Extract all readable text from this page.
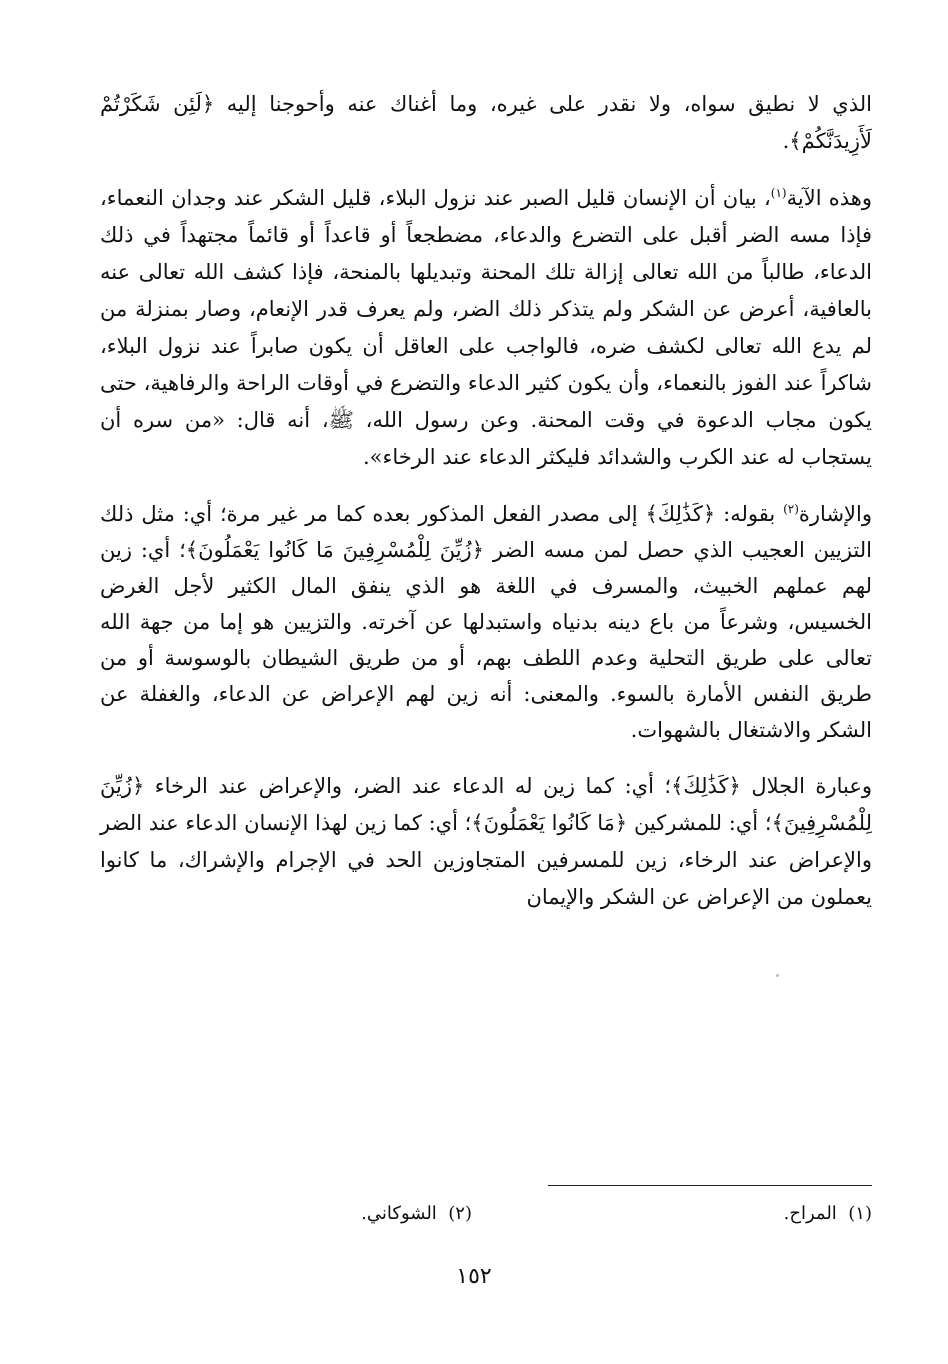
الذي لا نطيق سواه، ولا نقدر على غيره، وما أغناك عنه وأحوجنا إليه ﴿لَئِن شَكَرْتُمْ لَأَزِيدَنَّكُمْ﴾.

وهذه الآية$^{(١)}$، بيان أن الإنسان قليل الصبر عند نزول البلاء، قليل الشكر عند وجدان النعماء، فإذا مسه الضر أقبل على التضرع والدعاء، مضطجعاً أو قاعداً أو قائماً مجتهداً في ذلك الدعاء، طالباً من الله تعالى إزالة تلك المحنة وتبديلها بالمنحة، فإذا كشف الله تعالى عنه بالعافية، أعرض عن الشكر ولم يتذكر ذلك الضر، ولم يعرف قدر الإنعام، وصار بمنزلة من لم يدع الله تعالى لكشف ضره، فالواجب على العاقل أن يكون صابراً عند نزول البلاء، شاكراً عند الفوز بالنعماء، وأن يكون كثير الدعاء والتضرع في أوقات الراحة والرفاهية، حتى يكون مجاب الدعوة في وقت المحنة. وعن رسول الله، ﷺ، أنه قال: «من سره أن يستجاب له عند الكرب والشدائد فليكثر الدعاء عند الرخاء».

والإشارة$^{(٢)}$ بقوله: ﴿كَذَٰلِكَ﴾ إلى مصدر الفعل المذكور بعده كما مر غير مرة؛ أي: مثل ذلك التزيين العجيب الذي حصل لمن مسه الضر ﴿زُيِّنَ لِلْمُسْرِفِينَ مَا كَانُوا يَعْمَلُونَ﴾؛ أي: زين لهم عملهم الخبيث، والمسرف في اللغة هو الذي ينفق المال الكثير لأجل الغرض الخسيس، وشرعاً من باع دينه بدنياه واستبدلها عن آخرته. والتزيين هو إما من جهة الله تعالى على طريق التحلية وعدم اللطف بهم، أو من طريق الشيطان بالوسوسة أو من طريق النفس الأمارة بالسوء. والمعنى: أنه زين لهم الإعراض عن الدعاء، والغفلة عن الشكر والاشتغال بالشهوات.

وعبارة الجلال ﴿كَذَٰلِكَ﴾؛ أي: كما زين له الدعاء عند الضر، والإعراض عند الرخاء ﴿زُيِّنَ لِلْمُسْرِفِينَ﴾؛ أي: للمشركين ﴿مَا كَانُوا يَعْمَلُونَ﴾؛ أي: كما زين لهذا الإنسان الدعاء عند الضر والإعراض عند الرخاء، زين للمسرفين المتجاوزين الحد في الإجرام والإشراك، ما كانوا يعملون من الإعراض عن الشكر والإيمان

(١)  المراح.
(٢)  الشوكاني.
١٥٢
